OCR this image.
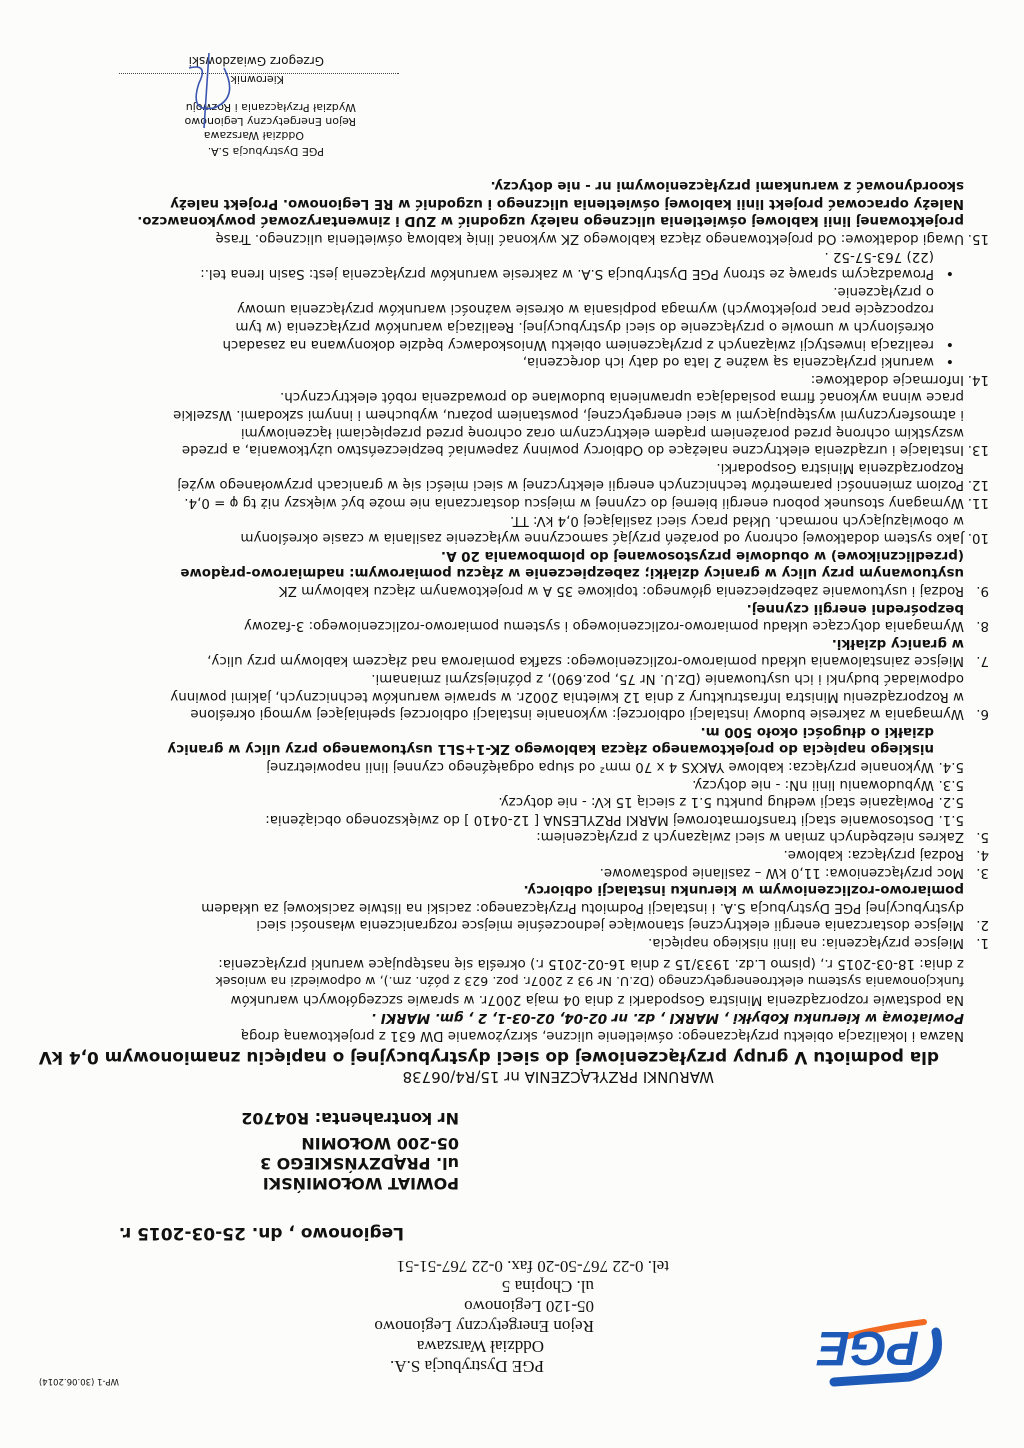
WP-1 (30.06.2014)
PGE
PGE Dystrybucja S.A.
Oddział Warszawa
Rejon Energetyczny Legionowo
05-120 Legionowo
ul. Chopina 5
tel. 0-22 767-50-20 fax. 0-22 767-51-51
Legionowo , dn. 25-03-2015 r.
POWIAT WOŁOMIŃSKI
ul. PRĄDZYŃSKIEGO 3
05-200 WOŁOMIN
Nr kontrahenta: R04702
WARUNKI PRZYŁĄCZENIA nr 15/R4/06738
dla podmiotu V grupy przyłączeniowej do sieci dystrybucyjnej o napięciu znamionowym 0,4 kV
Nazwa i lokalizacja obiektu przyłączanego: oświetlenie uliczne, skrzyżowanie DW 631 z projektowaną drogą
Powiatową w kierunku Kobyłki , MARKI , dz. nr 02-04, 02-03-1, 2 , gm. MARKI .
Na podstawie rozporządzenia Ministra Gospodarki z dnia 04 maja 2007r. w sprawie szczegółowych warunków
funkcjonowania systemu elektroenergetycznego (Dz.U. Nr 93 z 2007r. poz. 623 z późn. zm.), w odpowiedzi na wniosek
z dnia: 18-03-2015 r., (pismo L.dz. 1933/15 z dnia 16-02-2015 r.) określa się następujące warunki przyłączenia:
1.
Miejsce przyłączenia: na linii niskiego napięcia.
2.
Miejsce dostarczania energii elektrycznej stanowiące jednocześnie miejsce rozgraniczenia własności sieci
dystrybucyjnej PGE Dystrybucja S.A. i instalacji Podmiotu Przyłączanego: zaciski na listwie zaciskowej za układem
pomiarowo-rozliczeniowym w kierunku instalacji odbiorcy.
3.
Moc przyłączeniowa: 11,0 kW – zasilanie podstawowe.
4.
Rodzaj przyłącza: kablowe.
5.
Zakres niezbędnych zmian w sieci związanych z przyłączeniem:
5.1.
Dostosowanie stacji transformatorowej MARKI PRZYLESNA [ 12-0410 ] do zwiększonego obciążenia:
5.2.
Powiązanie stacji według punktu 5.1 z siecią 15 kV: - nie dotyczy.
5.3.
Wybudowaniu linii nN: - nie dotyczy.
5.4.
Wykonanie przyłącza: kablowe YAKXS 4 x 70 mm² od słupa odgałęźnego czynnej linii napowietrznej
niskiego napięcia do projektowanego złącza kablowego ZK-1+SL1 usytuowanego przy ulicy w granicy
działki o długości około 500 m.
6.
Wymagania w zakresie budowy instalacji odbiorczej: wykonanie instalacji odbiorczej spełniającej wymogi określone
w Rozporządzeniu Ministra Infrastruktury z dnia 12 kwietnia 2002r. w sprawie warunków technicznych, jakimi powinny
odpowiadać budynki i ich usytuowanie (Dz.U. Nr 75, poz.690), z późniejszymi zmianami.
7.
Miejsce zainstalowania układu pomiarowo-rozliczeniowego: szafka pomiarowa nad złączem kablowym przy ulicy,
w granicy działki.
8.
Wymagania dotyczące układu pomiarowo-rozliczeniowego i systemu pomiarowo-rozliczeniowego: 3-fazowy
bezpośredni energii czynnej.
9.
Rodzaj i usytuowanie zabezpieczenia głównego: topikowe 35 A w projektowanym złączu kablowym ZK
usytuowanym przy ulicy w granicy działki; zabezpieczenie w złączu pomiarowym: nadmiarowo-prądowe
(przedlicznikowe) w obudowie przystosowanej do plombowania 20 A.
10.
Jako system dodatkowej ochrony od porażeń przyjąć samoczynne wyłączenie zasilania w czasie określonym
w obowiązujących normach. Układ pracy sieci zasilającej 0,4 kV: TT.
11.
Wymagany stosunek poboru energii biernej do czynnej w miejscu dostarczania nie może być większy niż tg φ = 0,4.
12.
Poziom zmienności parametrów technicznych energii elektrycznej w sieci mieści się w granicach przywołanego wyżej
Rozporządzenia Ministra Gospodarki.
13.
Instalacje i urządzenia elektryczne należące do Odbiorcy powinny zapewniać bezpieczeństwo użytkowania, a przede
wszystkim ochronę przed porażeniem prądem elektrycznym oraz ochronę przed przepięciami łączeniowymi
i atmosferycznymi występującymi w sieci energetycznej, powstaniem pożaru, wybuchem i innymi szkodami. Wszelkie
prace winna wykonać firma posiadająca uprawnienia budowlane do prowadzenia robót elektrycznych.
14.
Informacje dodatkowe:
•
warunki przyłączenia są ważne 2 lata od daty ich doręczenia,
•
realizacja inwestycji związanych z przyłączeniem obiektu Wnioskodawcy będzie dokonywana na zasadach
określonych w umowie o przyłączenie do sieci dystrybucyjnej. Realizacja warunków przyłączenia (w tym
rozpoczęcie prac projektowych) wymaga podpisania w okresie ważności warunków przyłączenia umowy
o przyłączenie.
•
Prowadzącym sprawę ze strony PGE Dystrybucja S.A. w zakresie warunków przyłączenia jest: Sasin Irena tel.:
(22) 763-57-52 .
15.
Uwagi dodatkowe: Od projektowanego złącza kablowego ZK wykonać linię kablową oświetlenia ulicznego. Trasę
projektowanej linii kablowej oświetlenia ulicznego należy uzgodnić w ZUD i zinwentaryzować powykonawczo.
Należy opracować projekt linii kablowej oświetlenia ulicznego i uzgodnić w RE Legionowo. Projekt należy
skoordynować z warunkami przyłączeniowymi nr - nie dotyczy.
PGE Dystrybucja S.A.
Oddział Warszawa
Rejon Energetyczny Legionowo
Wydział Przyłączania i Rozwoju
Kierownik
Grzegorz Gwiazdowski
